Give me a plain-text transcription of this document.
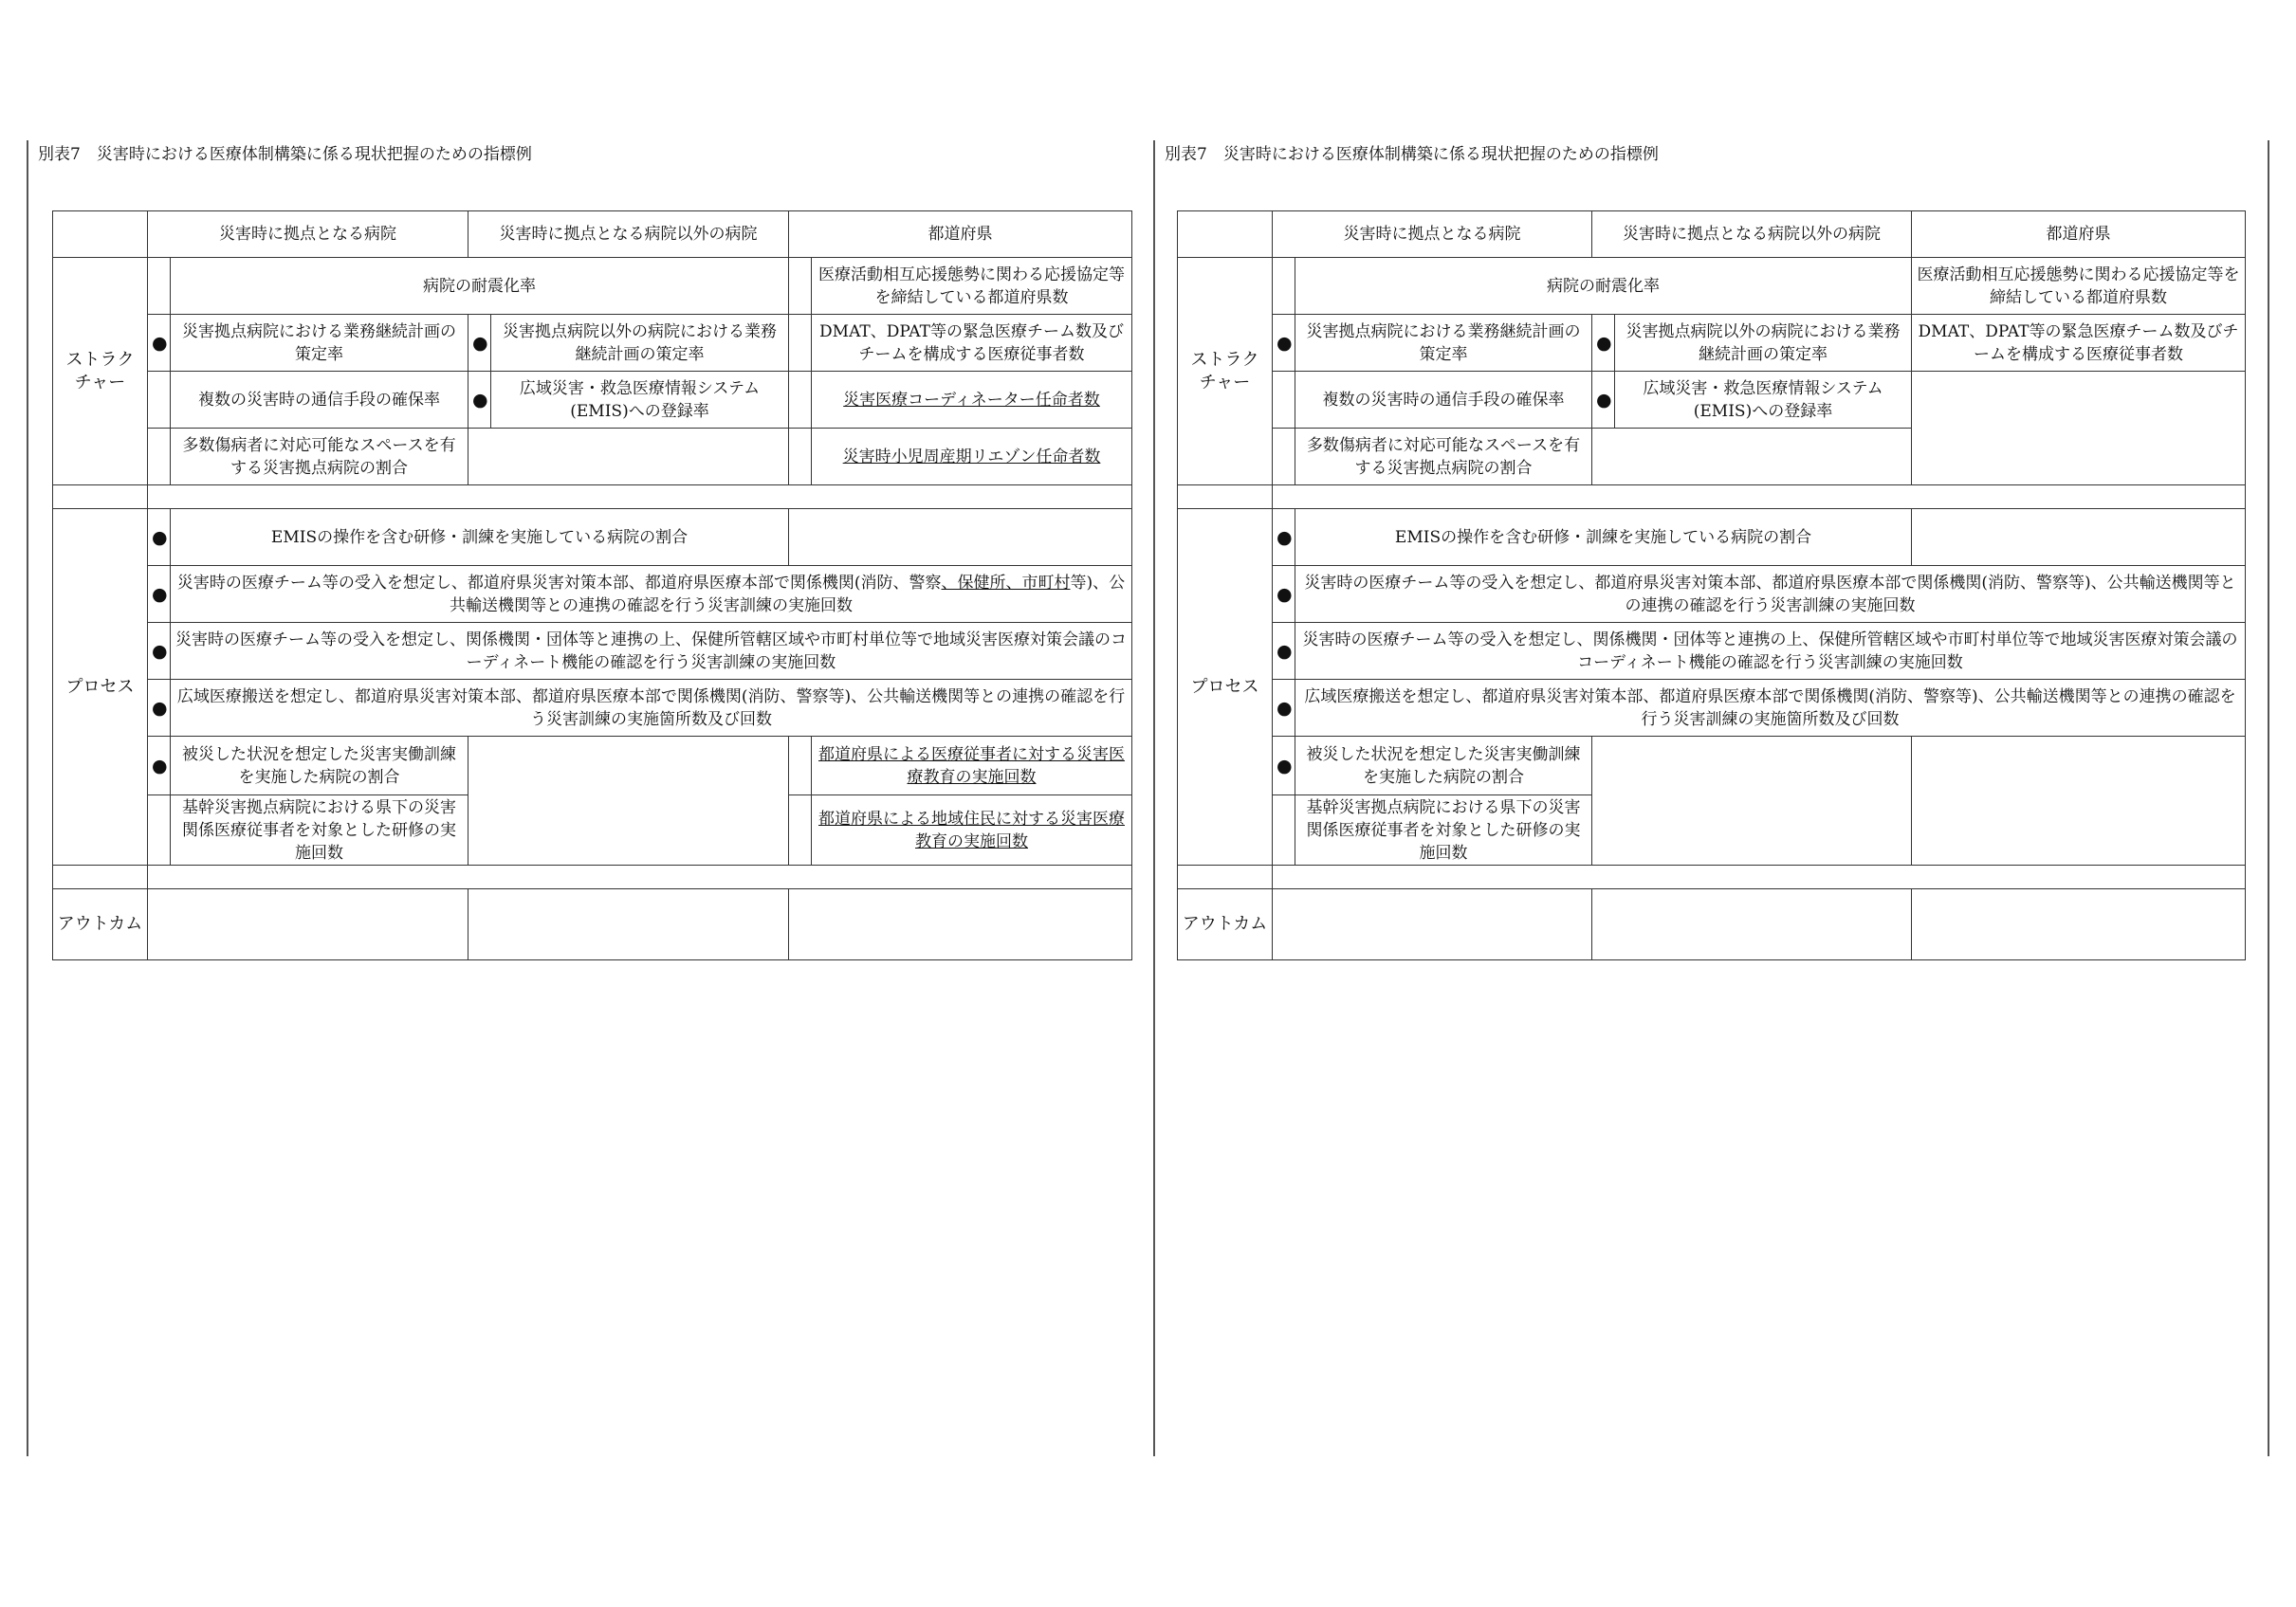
別表7　災害時における医療体制構築に係る現状把握のための指標例
	災害時に拠点となる病院		災害時に拠点となる病院以外の病院		都道府県	
ストラク
チャー		病院の耐震化率				医療活動相互応援態勢に関わる応援協定等を締結している都道府県数
	●	災害拠点病院における業務継続計画の策定率	●	災害拠点病院以外の病院における業務継続計画の策定率		DMAT、DPAT等の緊急医療チーム数及びチームを構成する医療従事者数
		複数の災害時の通信手段の確保率	●	広域災害・救急医療情報システム(EMIS)への登録率		災害医療コーディネーター任命者数
		多数傷病者に対応可能なスペースを有する災害拠点病院の割合				災害時小児周産期リエゾン任命者数

プロセス	●	EMISの操作を含む研修・訓練を実施している病院の割合				
	●	災害時の医療チーム等の受入を想定し、都道府県災害対策本部、都道府県医療本部で関係機関(消防、警察、保健所、市町村等)、公共輸送機関等との連携の確認を行う災害訓練の実施回数				
	●	災害時の医療チーム等の受入を想定し、関係機関・団体等と連携の上、保健所管轄区域や市町村単位等で地域災害医療対策会議のコーディネート機能の確認を行う災害訓練の実施回数				
	●	広域医療搬送を想定し、都道府県災害対策本部、都道府県医療本部で関係機関(消防、警察等)、公共輸送機関等との連携の確認を行う災害訓練の実施箇所数及び回数				
	●	被災した状況を想定した災害実働訓練を実施した病院の割合				都道府県による医療従事者に対する災害医療教育の実施回数
		基幹災害拠点病院における県下の災害関係医療従事者を対象とした研修の実施回数				都道府県による地域住民に対する災害医療教育の実施回数

アウトカム						
別表7　災害時における医療体制構築に係る現状把握のための指標例
	災害時に拠点となる病院		災害時に拠点となる病院以外の病院		都道府県
ストラク
チャー		病院の耐震化率			医療活動相互応援態勢に関わる応援協定等を締結している都道府県数
	●	災害拠点病院における業務継続計画の策定率	●	災害拠点病院以外の病院における業務継続計画の策定率	DMAT、DPAT等の緊急医療チーム数及びチームを構成する医療従事者数
		複数の災害時の通信手段の確保率	●	広域災害・救急医療情報システム(EMIS)への登録率	
		多数傷病者に対応可能なスペースを有する災害拠点病院の割合			

プロセス	●	EMISの操作を含む研修・訓練を実施している病院の割合			
	●	災害時の医療チーム等の受入を想定し、都道府県災害対策本部、都道府県医療本部で関係機関(消防、警察等)、公共輸送機関等との連携の確認を行う災害訓練の実施回数			
	●	災害時の医療チーム等の受入を想定し、関係機関・団体等と連携の上、保健所管轄区域や市町村単位等で地域災害医療対策会議のコーディネート機能の確認を行う災害訓練の実施回数			
	●	広域医療搬送を想定し、都道府県災害対策本部、都道府県医療本部で関係機関(消防、警察等)、公共輸送機関等との連携の確認を行う災害訓練の実施箇所数及び回数			
	●	被災した状況を想定した災害実働訓練を実施した病院の割合			
		基幹災害拠点病院における県下の災害関係医療従事者を対象とした研修の実施回数			

アウトカム					
